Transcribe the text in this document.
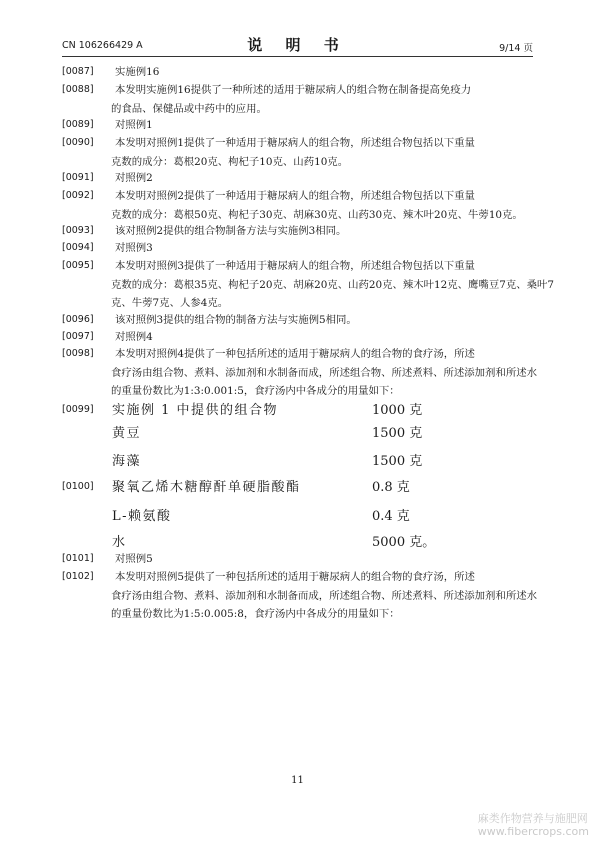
CN 106266429 A	说 明 书	9/14 页
[0087]	实施例16

[0088]	本发明实施例16提供了一种所述的适用于糖尿病人的组合物在制备提高免疫力
的食品、保健品或中药中的应用。

[0089]	对照例1

[0090]	本发明对照例1提供了一种适用于糖尿病人的组合物，所述组合物包括以下重量
克数的成分：葛根20克、枸杞子10克、山药10克。

[0091]	对照例2

[0092]	本发明对照例2提供了一种适用于糖尿病人的组合物，所述组合物包括以下重量
克数的成分：葛根50克、枸杞子30克、胡麻30克、山药30克、辣木叶20克、牛蒡10克。

[0093]	该对照例2提供的组合物制备方法与实施例3相同。

[0094]	对照例3

[0095]	本发明对照例3提供了一种适用于糖尿病人的组合物，所述组合物包括以下重量
克数的成分：葛根35克、枸杞子20克、胡麻20克、山药20克、辣木叶12克、鹰嘴豆7克、桑叶7
克、牛蒡7克、人参4克。

[0096]	该对照例3提供的组合物的制备方法与实施例5相同。

[0097]	对照例4

[0098]	本发明对照例4提供了一种包括所述的适用于糖尿病人的组合物的食疗汤，所述
食疗汤由组合物、煮料、添加剂和水制备而成，所述组合物、所述煮料、所述添加剂和所述水
的重量份数比为1:3:0.001:5，食疗汤内中各成分的用量如下：

[0099] 实施例 1 中提供的组合物	1000 克
黄豆	1500 克
海藻	1500 克
[0100] 聚氧乙烯木糖醇酐单硬脂酸酯	0.8 克
L-赖氨酸	0.4 克
水	5000 克。
[0101]	对照例5

[0102]	本发明对照例5提供了一种包括所述的适用于糖尿病人的组合物的食疗汤，所述
食疗汤由组合物、煮料、添加剂和水制备而成，所述组合物、所述煮料、所述添加剂和所述水
的重量份数比为1:5:0.005:8，食疗汤内中各成分的用量如下：

11
麻类作物营养与施肥网
www.fibercrops.com
